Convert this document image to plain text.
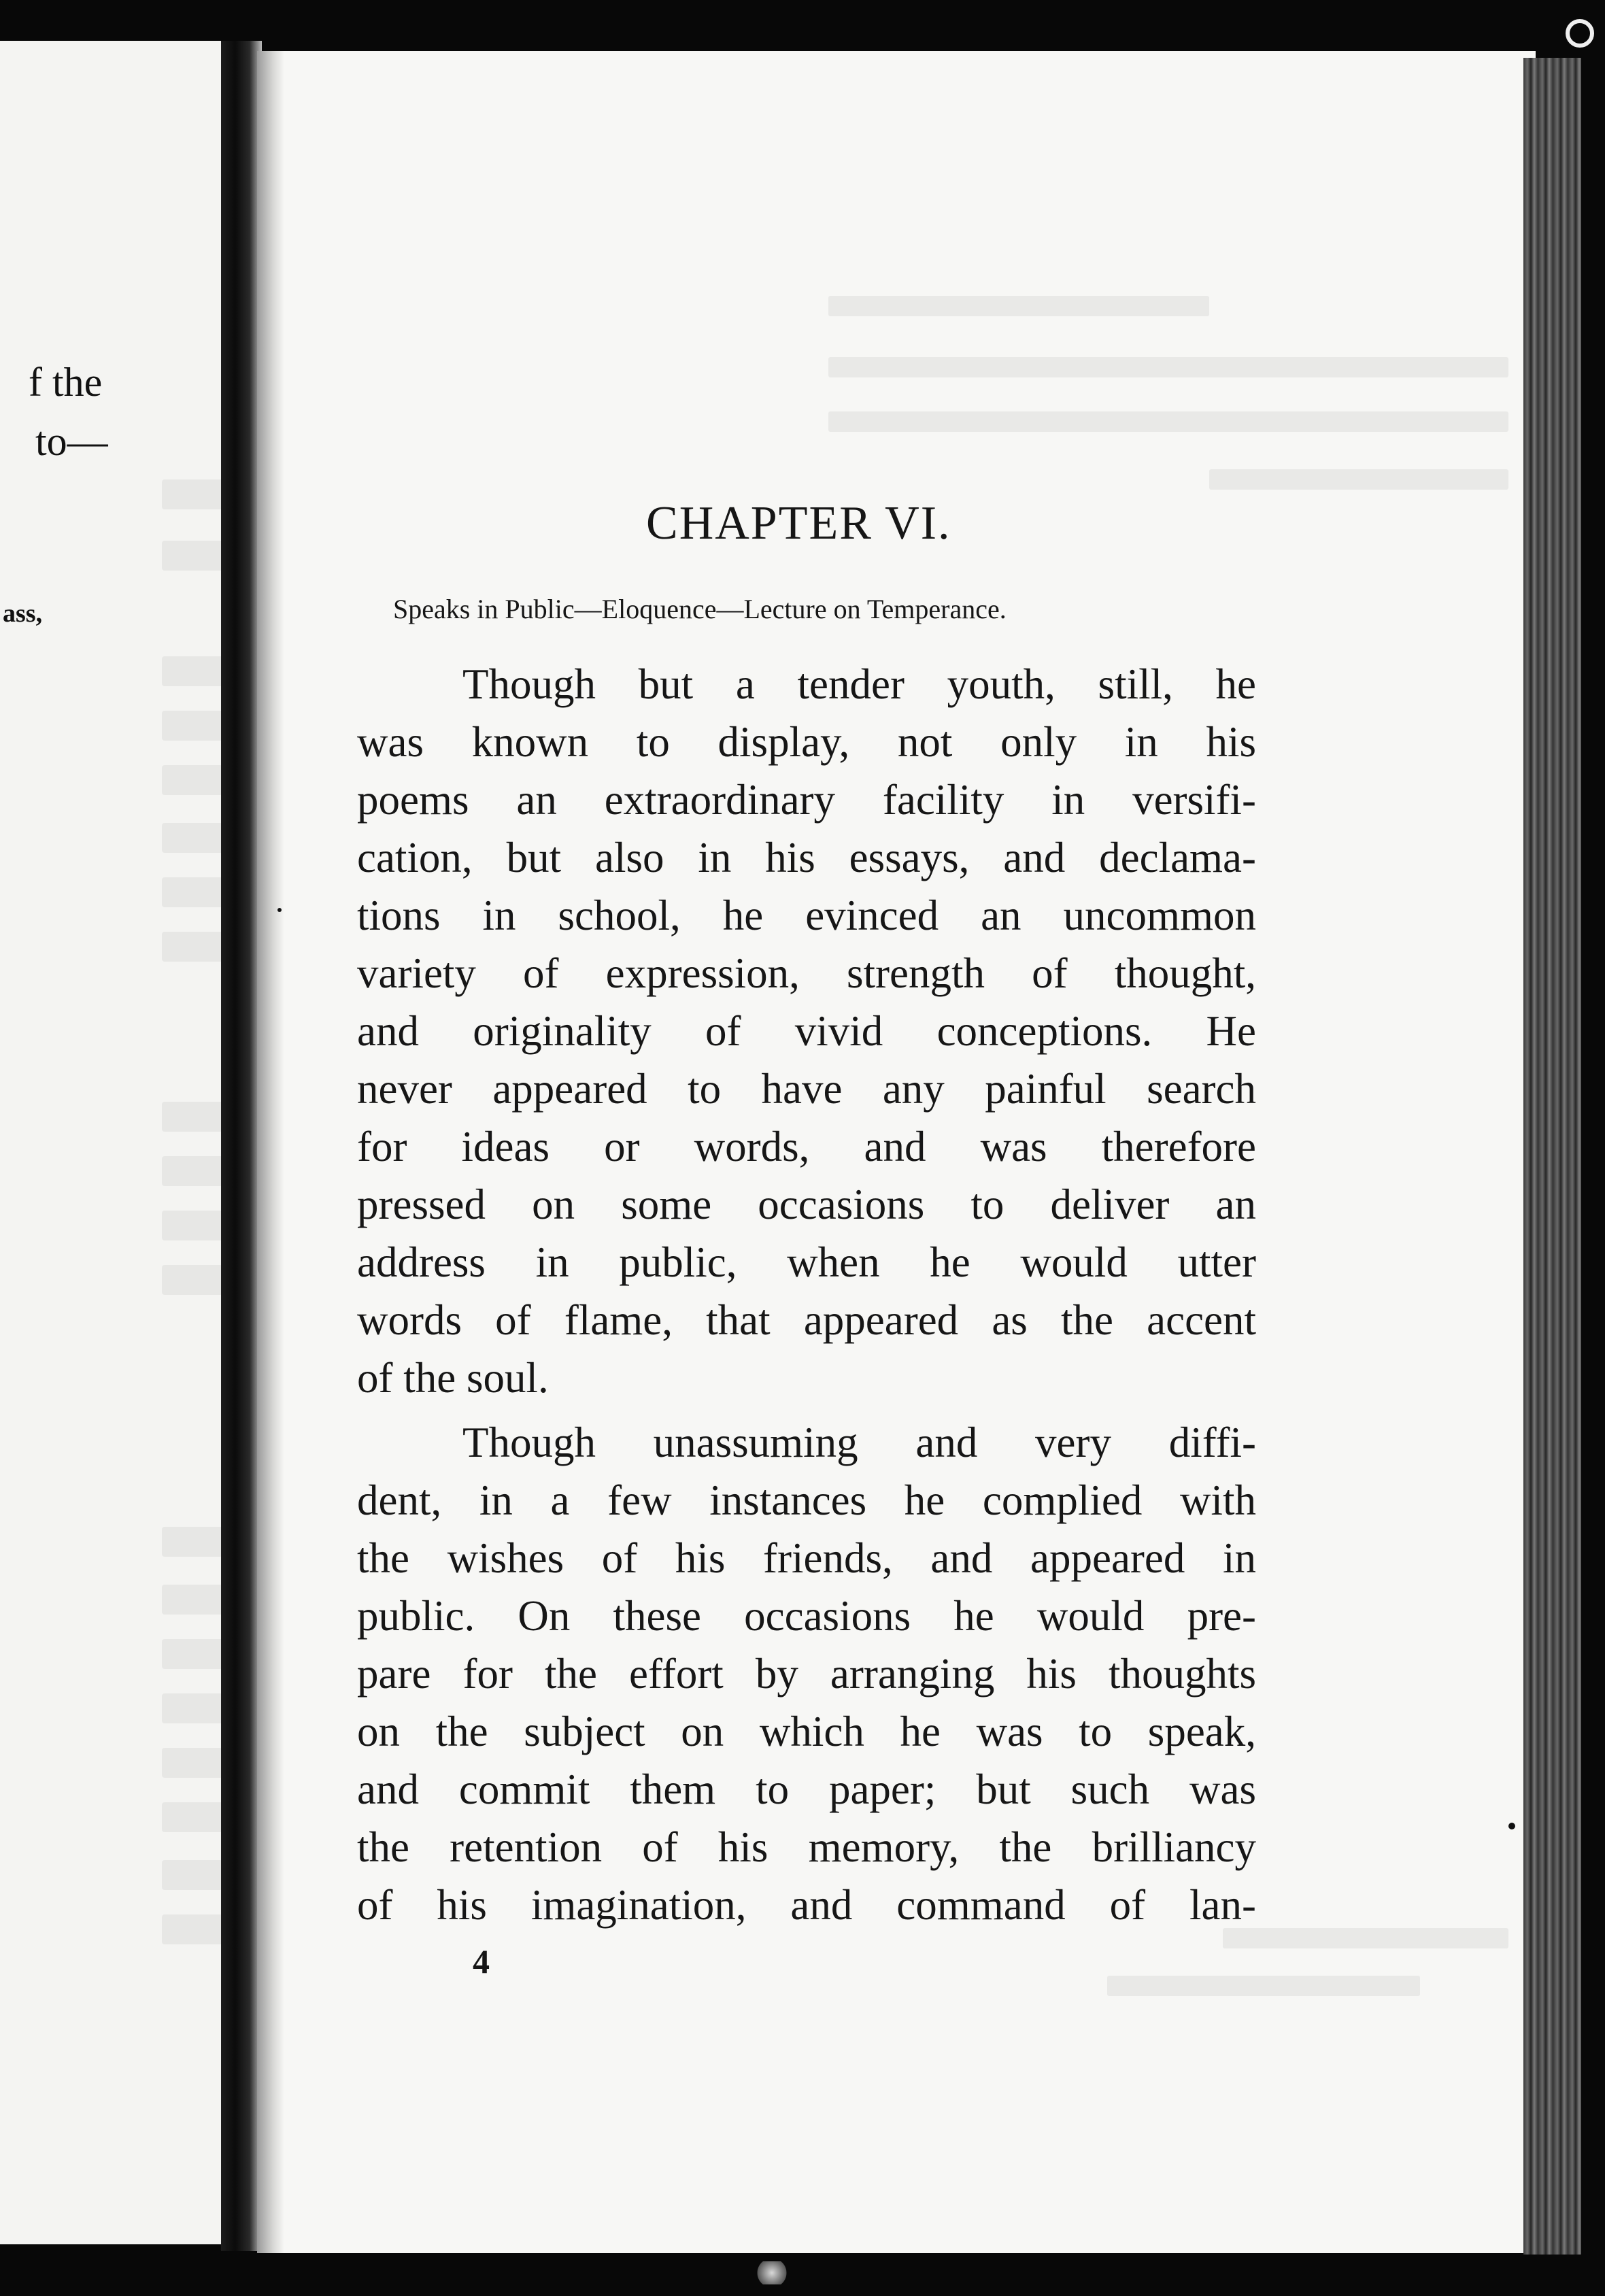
f the
to—
ass,
CHAPTER VI.
Speaks in Public—Eloquence—Lecture on Temperance.
Though but a tender youth, still, he
was known to display, not only in his
poems an extraordinary facility in versifi-
cation, but also in his essays, and declama-
tions in school, he evinced an uncommon
variety of expression, strength of thought,
and originality of vivid conceptions. He
never appeared to have any painful search
for ideas or words, and was therefore
pressed on some occasions to deliver an
address in public, when he would utter
words of flame, that appeared as the accent
of the soul.
Though unassuming and very diffi-
dent, in a few instances he complied with
the wishes of his friends, and appeared in
public. On these occasions he would pre-
pare for the effort by arranging his thoughts
on the subject on which he was to speak,
and commit them to paper; but such was
the retention of his memory, the brilliancy
of his imagination, and command of lan-
4
